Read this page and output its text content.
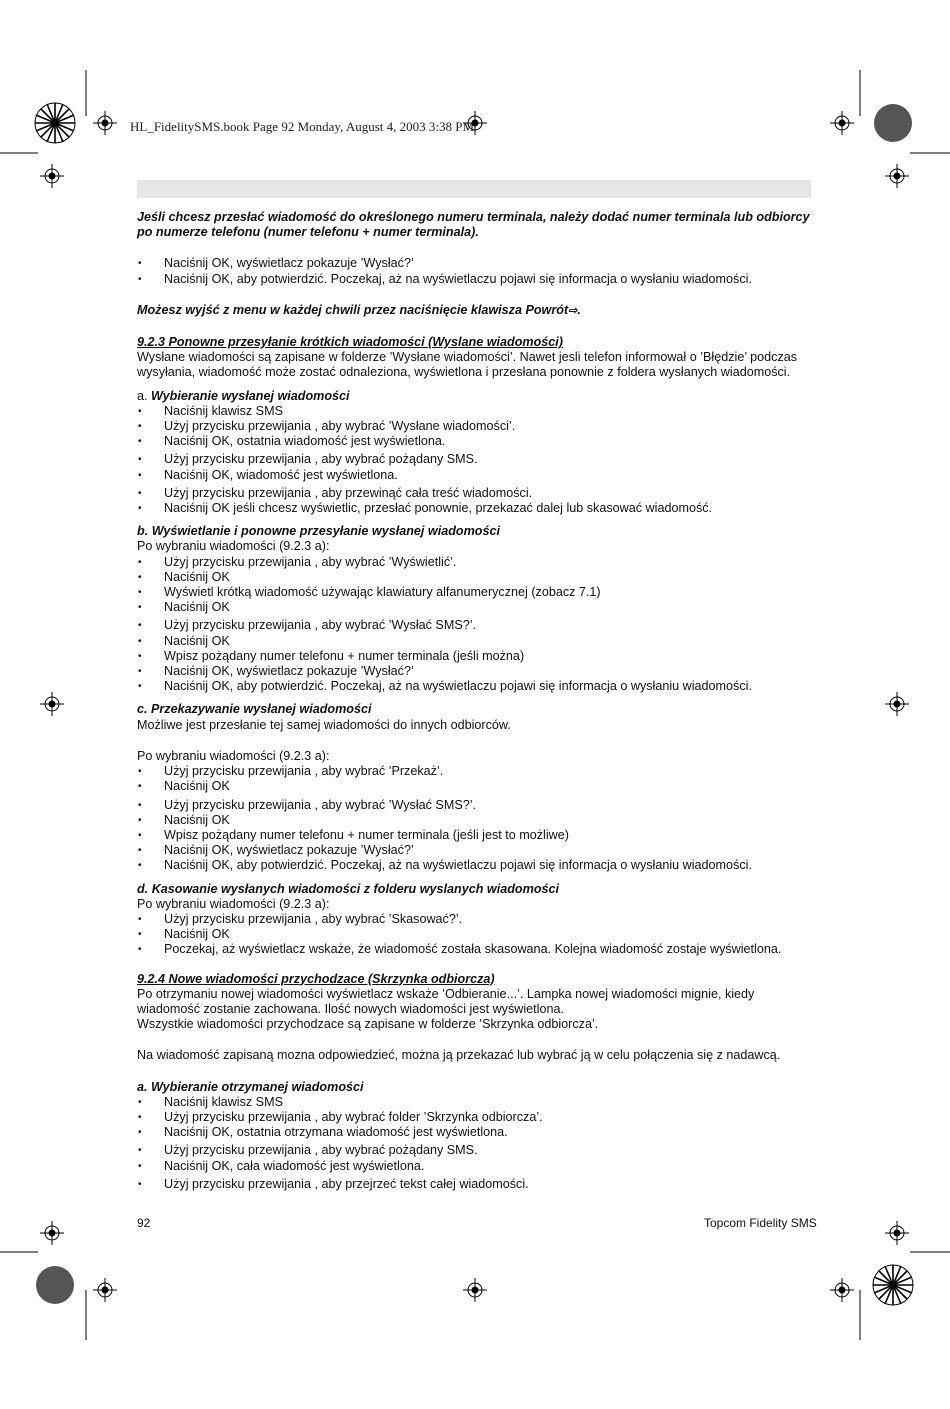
HL_FidelitySMS.book Page 92 Monday, August 4, 2003 3:38 PM

Jeśli chcesz przesłać wiadomość do określonego numeru terminala, należy dodać numer terminala lub odbiorcy po numerze telefonu (numer telefonu + numer terminala).

• Naciśnij OK, wyświetlacz pokazuje ’Wysłać?’
• Naciśnij OK, aby potwierdzić. Poczekaj, aż na wyświetlaczu pojawi się informacja o wysłaniu wiadomości.

Możesz wyjść z menu w każdej chwili przez naciśnięcie klawisza Powrót⇨.

9.2.3 Ponowne przesyłanie krótkich wiadomości (Wyslane wiadomości)

Wysłane wiadomości są zapisane w folderze ’Wysłane wiadomości’. Nawet jesli telefon informował o ’Błędzie’ podczas wysyłania, wiadomość może zostać odnaleziona, wyświetlona i przesłana ponownie z foldera wysłanych wiadomości.

a. Wybieranie wysłanej wiadomości

• Naciśnij klawisz SMS
• Użyj przycisku przewijania , aby wybrać ’Wysłane wiadomości’.
• Naciśnij OK, ostatnia wiadomość jest wyświetlona.
• Użyj przycisku przewijania , aby wybrać pożądany SMS.
• Naciśnij OK, wiadomość jest wyświetlona.
• Użyj przycisku przewijania , aby przewinąć cała treść wiadomości.
• Naciśnij OK jeśli chcesz wyświetlic, przesłać ponownie, przekazać dalej lub skasować wiadomość.

b. Wyświetlanie i ponowne przesyłanie wysłanej wiadomości

Po wybraniu wiadomości (9.2.3 a):

• Użyj przycisku przewijania , aby wybrać ’Wyświetlić’.
• Naciśnij OK
• Wyświetl krótką wiadomość używając klawiatury alfanumerycznej (zobacz 7.1)
• Naciśnij OK
• Użyj przycisku przewijania , aby wybrać ’Wysłać SMS?’.
• Naciśnij OK
• Wpisz pożądany numer telefonu + numer terminala (jeśli można)
• Naciśnij OK, wyświetlacz pokazuje ’Wysłać?’
• Naciśnij OK, aby potwierdzić. Poczekaj, aż na wyświetlaczu pojawi się informacja o wysłaniu wiadomości.

c. Przekazywanie wysłanej wiadomości

Możliwe jest przesłanie tej samej wiadomości do innych odbiorców.

Po wybraniu wiadomości (9.2.3 a):

• Użyj przycisku przewijania , aby wybrać ’Przekaż’.
• Naciśnij OK
• Użyj przycisku przewijania , aby wybrać ’Wysłać SMS?’.
• Naciśnij OK
• Wpisz pożądany numer telefonu + numer terminala (jeśli jest to możliwe)
• Naciśnij OK, wyświetlacz pokazuje ’Wysłać?’
• Naciśnij OK, aby potwierdzić. Poczekaj, aż na wyświetlaczu pojawi się informacja o wysłaniu wiadomości.

d. Kasowanie wysłanych wiadomości z folderu wyslanych wiadomości

Po wybraniu wiadomości (9.2.3 a):

• Użyj przycisku przewijania , aby wybrać ’Skasować?’.
• Naciśnij OK
• Poczekaj, aż wyświetlacz wskaże, że wiadomość została skasowana. Kolejna wiadomość zostaje wyświetlona.

9.2.4 Nowe wiadomości przychodzace (Skrzynka odbiorcza)

Po otrzymaniu nowej wiadomości wyświetlacz wskaże ’Odbieranie...’. Lampka nowej wiadomości mignie, kiedy wiadomość zostanie zachowana. Ilość nowych wiadomości jest wyświetlona.

Wszystkie wiadomości przychodzace są zapisane w folderze ’Skrzynka odbiorcza’.

Na wiadomość zapisaną mozna odpowiedzieć, można ją przekazać lub wybrać ją w celu połączenia się z nadawcą.

a. Wybieranie otrzymanej wiadomości

• Naciśnij klawisz SMS
• Użyj przycisku przewijania , aby wybrać folder ’Skrzynka odbiorcza’.
• Naciśnij OK, ostatnia otrzymana wiadomość jest wyświetlona.
• Użyj przycisku przewijania , aby wybrać pożądany SMS.
• Naciśnij OK, cała wiadomość jest wyświetlona.
• Użyj przycisku przewijania , aby przejrzeć tekst całej wiadomości.
92	Topcom Fidelity SMS
